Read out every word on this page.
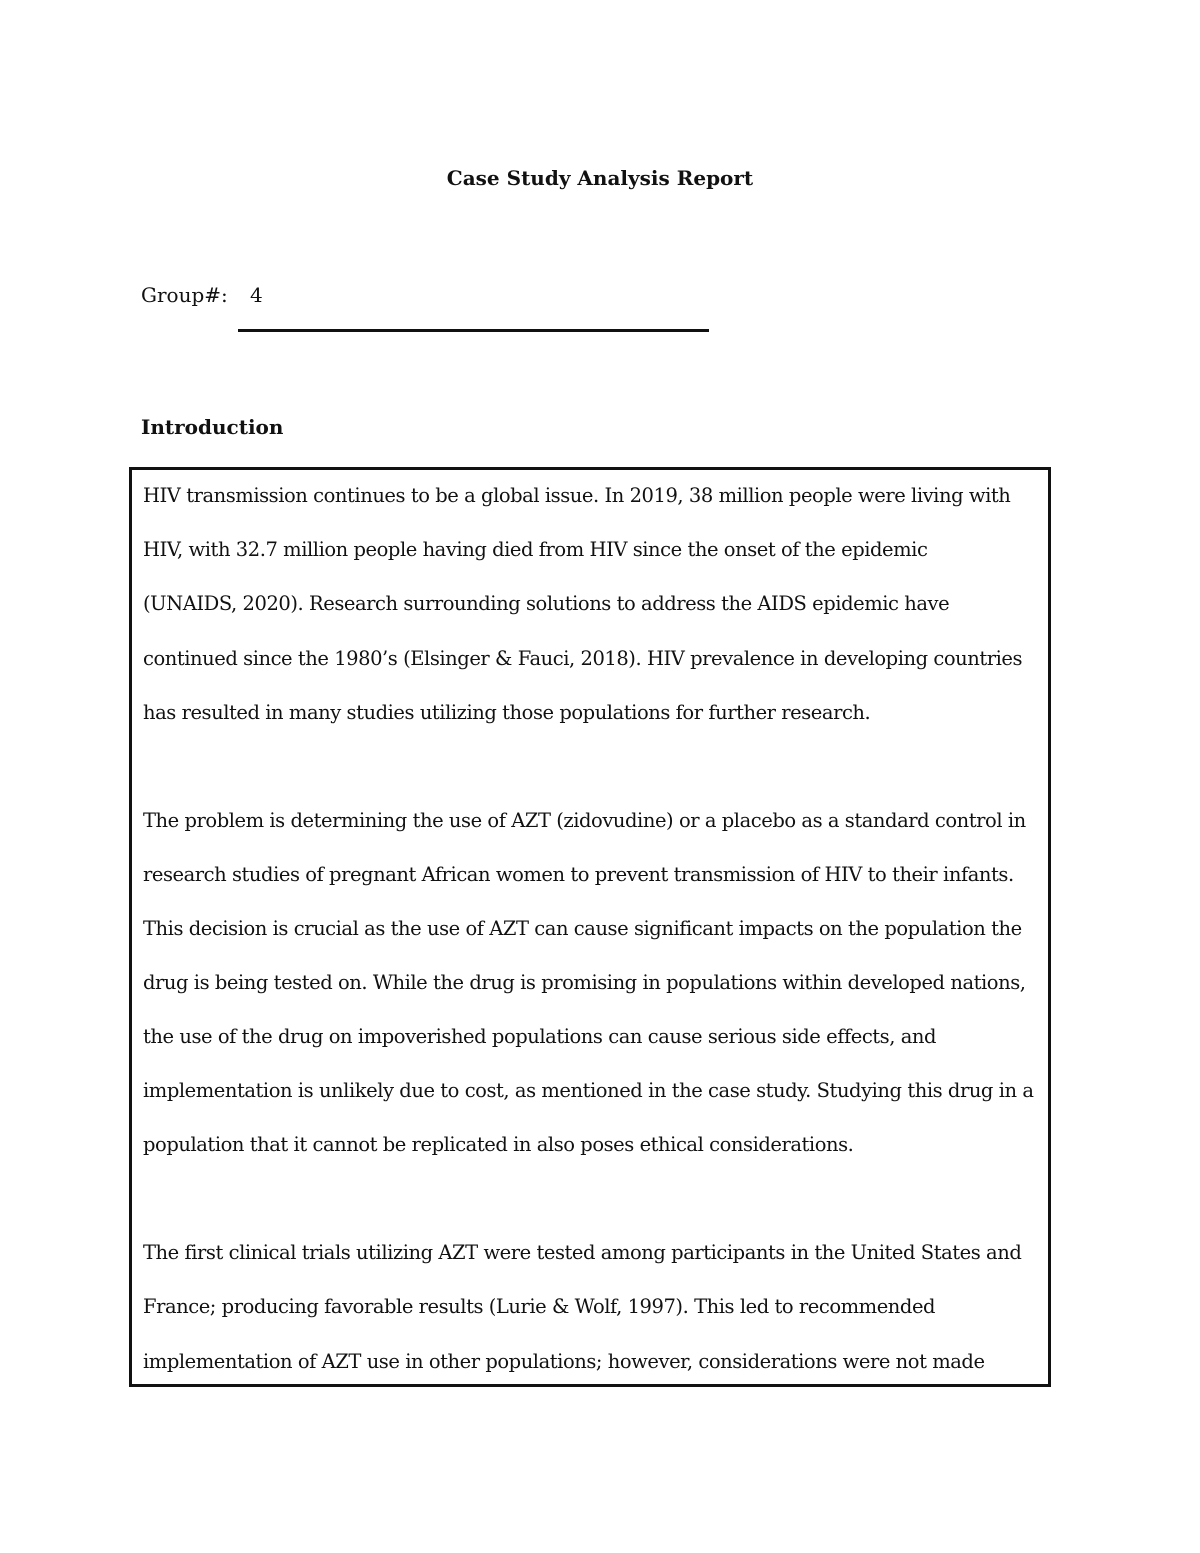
Case Study Analysis Report
Group#: 4
Introduction
HIV transmission continues to be a global issue. In 2019, 38 million people were living with
HIV, with 32.7 million people having died from HIV since the onset of the epidemic
(UNAIDS, 2020). Research surrounding solutions to address the AIDS epidemic have
continued since the 1980’s (Elsinger & Fauci, 2018). HIV prevalence in developing countries
has resulted in many studies utilizing those populations for further research.
The problem is determining the use of AZT (zidovudine) or a placebo as a standard control in
research studies of pregnant African women to prevent transmission of HIV to their infants.
This decision is crucial as the use of AZT can cause significant impacts on the population the
drug is being tested on. While the drug is promising in populations within developed nations,
the use of the drug on impoverished populations can cause serious side effects, and
implementation is unlikely due to cost, as mentioned in the case study. Studying this drug in a
population that it cannot be replicated in also poses ethical considerations.
The first clinical trials utilizing AZT were tested among participants in the United States and
France; producing favorable results (Lurie & Wolf, 1997). This led to recommended
implementation of AZT use in other populations; however, considerations were not made
